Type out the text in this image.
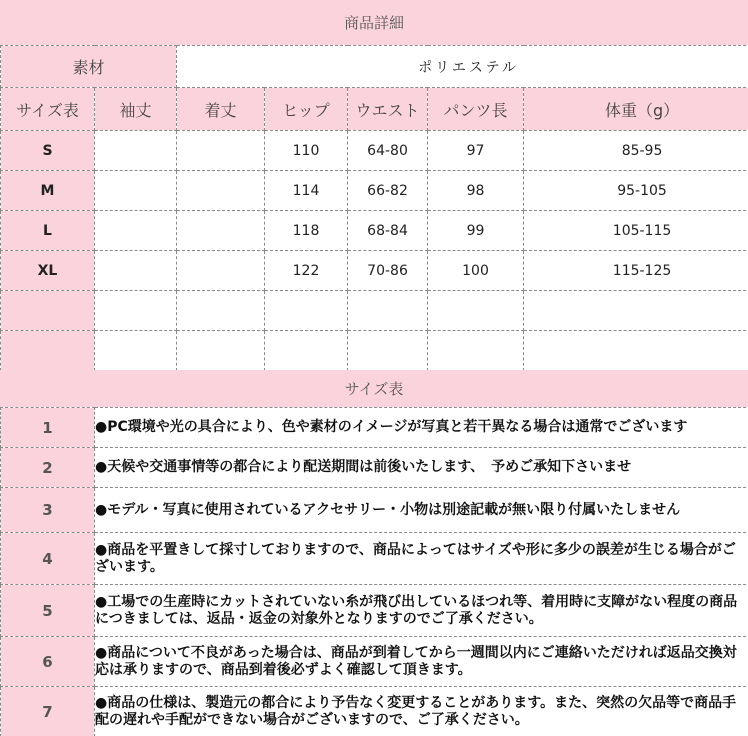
商品詳細
素材		ポリエステル				
サイズ表	袖丈	着丈	ヒップ	ウエスト	パンツ長	体重（g）
S			110	64-80	97	85-95
M			114	66-82	98	95-105
L			118	68-84	99	105-115
XL			122	70-86	100	115-125

サイズ表
1	●PC環境や光の具合により、色や素材のイメージが写真と若干異なる場合は通常でございます
2	●天候や交通事情等の都合により配送期間は前後いたします、　予めご承知下さいませ
3	●モデル・写真に使用されているアクセサリー・小物は別途記載が無い限り付属いたしません
4	●商品を平置きして採寸しておりますので、商品によってはサイズや形に多少の誤差が生じる場合がございます。

5	●工場での生産時にカットされていない糸が飛び出しているほつれ等、着用時に支障がない程度の商品につきましては、返品・返金の対象外となりますのでご了承ください。

6	●商品について不良があった場合は、商品が到着してから一週間以内にご連絡いただければ返品交換対応は承りますので、商品到着後必ずよく確認して頂きます。

7	●商品の仕様は、製造元の都合により予告なく変更することがあります。また、突然の欠品等で商品手配の遅れや手配ができない場合がございますので、ご了承ください。
